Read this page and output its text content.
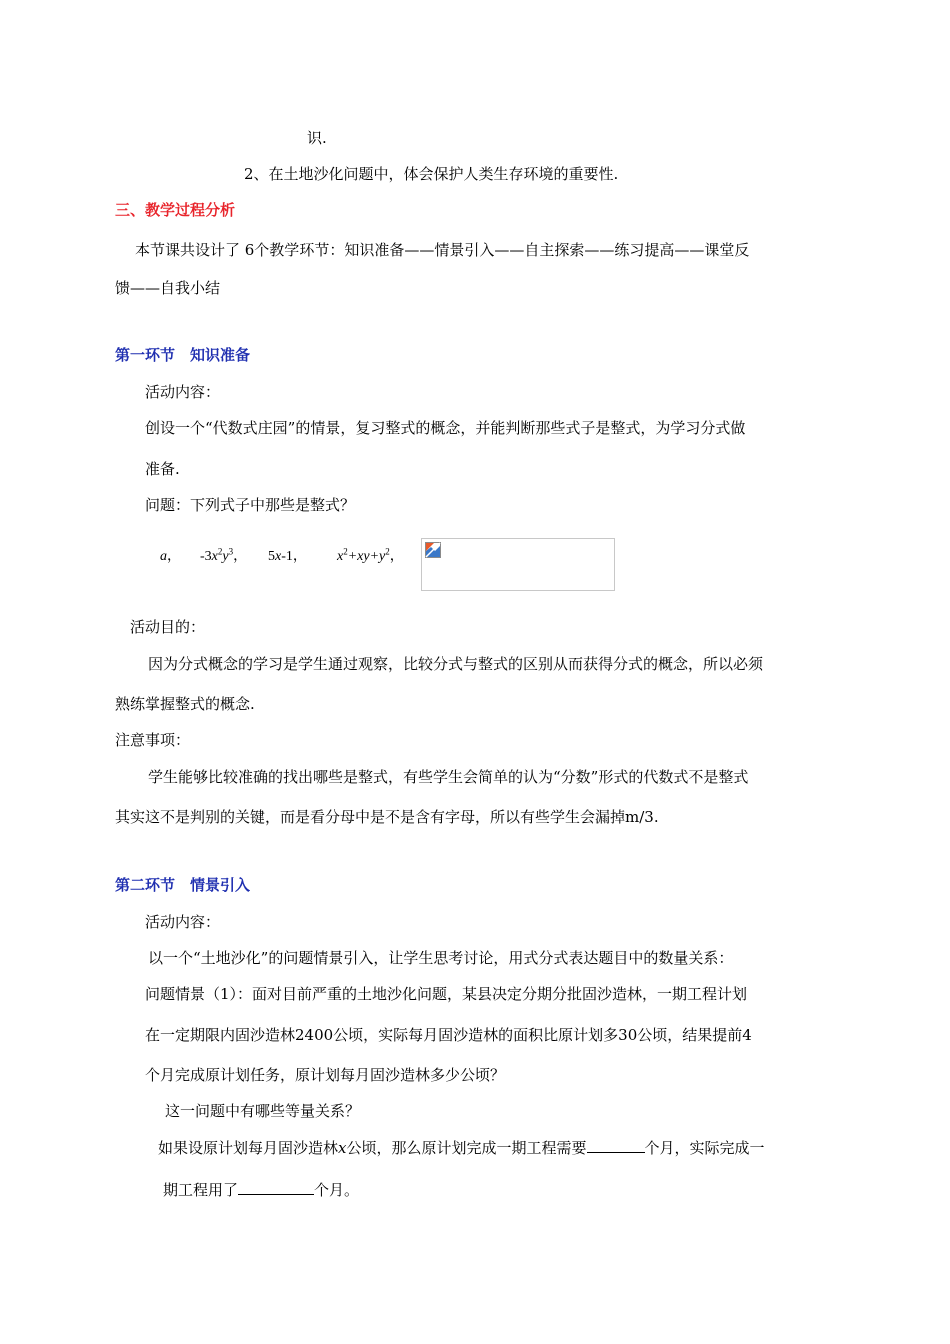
识.
2、在土地沙化问题中，体会保护人类生存环境的重要性.
三、教学过程分析
本节课共设计了 6个教学环节：知识准备——情景引入——自主探索——练习提高——课堂反
馈——自我小结
第一环节　知识准备
活动内容：
创设一个“代数式庄园”的情景，复习整式的概念，并能判断那些式子是整式，为学习分式做
准备.
问题：下列式子中那些是整式？
a， $-3x^2y^3$， 5x-1， $x^2+xy+y^2$，
活动目的：
因为分式概念的学习是学生通过观察，比较分式与整式的区别从而获得分式的概念，所以必须
熟练掌握整式的概念.
注意事项：
学生能够比较准确的找出哪些是整式，有些学生会简单的认为“分数”形式的代数式不是整式
其实这不是判别的关键，而是看分母中是不是含有字母，所以有些学生会漏掉m/3.
第二环节　情景引入
活动内容：
以一个“土地沙化”的问题情景引入，让学生思考讨论，用式分式表达题目中的数量关系：
问题情景（1）：面对目前严重的土地沙化问题，某县决定分期分批固沙造林，一期工程计划
在一定期限内固沙造林2400公顷，实际每月固沙造林的面积比原计划多30公顷，结果提前4
个月完成原计划任务，原计划每月固沙造林多少公顷？
这一问题中有哪些等量关系？
如果设原计划每月固沙造林x公顷，那么原计划完成一期工程需要	个月，实际完成一
期工程用了	个月。
